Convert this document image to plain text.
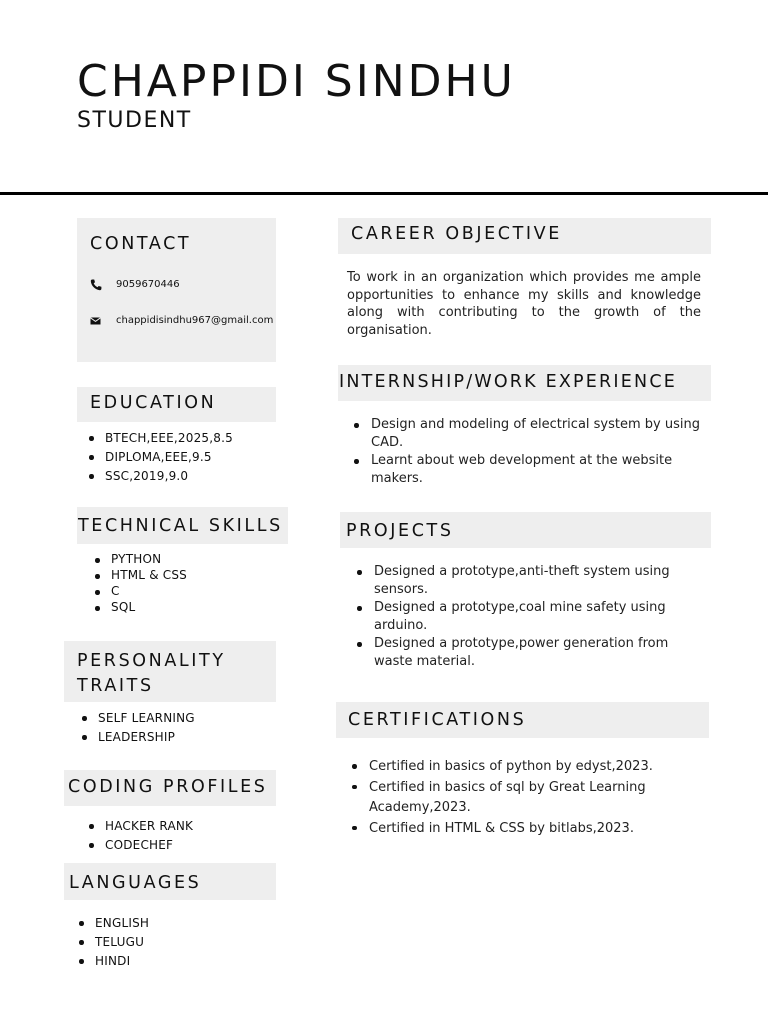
CHAPPIDI SINDHU
STUDENT
CONTACT
9059670446
chappidisindhu967@gmail.com
EDUCATION
BTECH,EEE,2025,8.5
DIPLOMA,EEE,9.5
SSC,2019,9.0
TECHNICAL SKILLS
PYTHON
HTML & CSS
C
SQL
PERSONALITY
TRAITS
SELF LEARNING
LEADERSHIP
CODING PROFILES
HACKER RANK
CODECHEF
LANGUAGES
ENGLISH
TELUGU
HINDI
CAREER OBJECTIVE
To work in an organization which provides me ample opportunities to enhance my skills and knowledge along with contributing to the growth of the organisation.
INTERNSHIP/WORK EXPERIENCE
Design and modeling of electrical system by using CAD.
Learnt about web development at the website makers.
PROJECTS
Designed a prototype,anti-theft system using sensors.
Designed a prototype,coal mine safety using arduino.
Designed a prototype,power generation from waste material.
CERTIFICATIONS
Certified in basics of python by edyst,2023.
Certified in basics of sql by Great Learning Academy,2023.
Certified in HTML & CSS by bitlabs,2023.
